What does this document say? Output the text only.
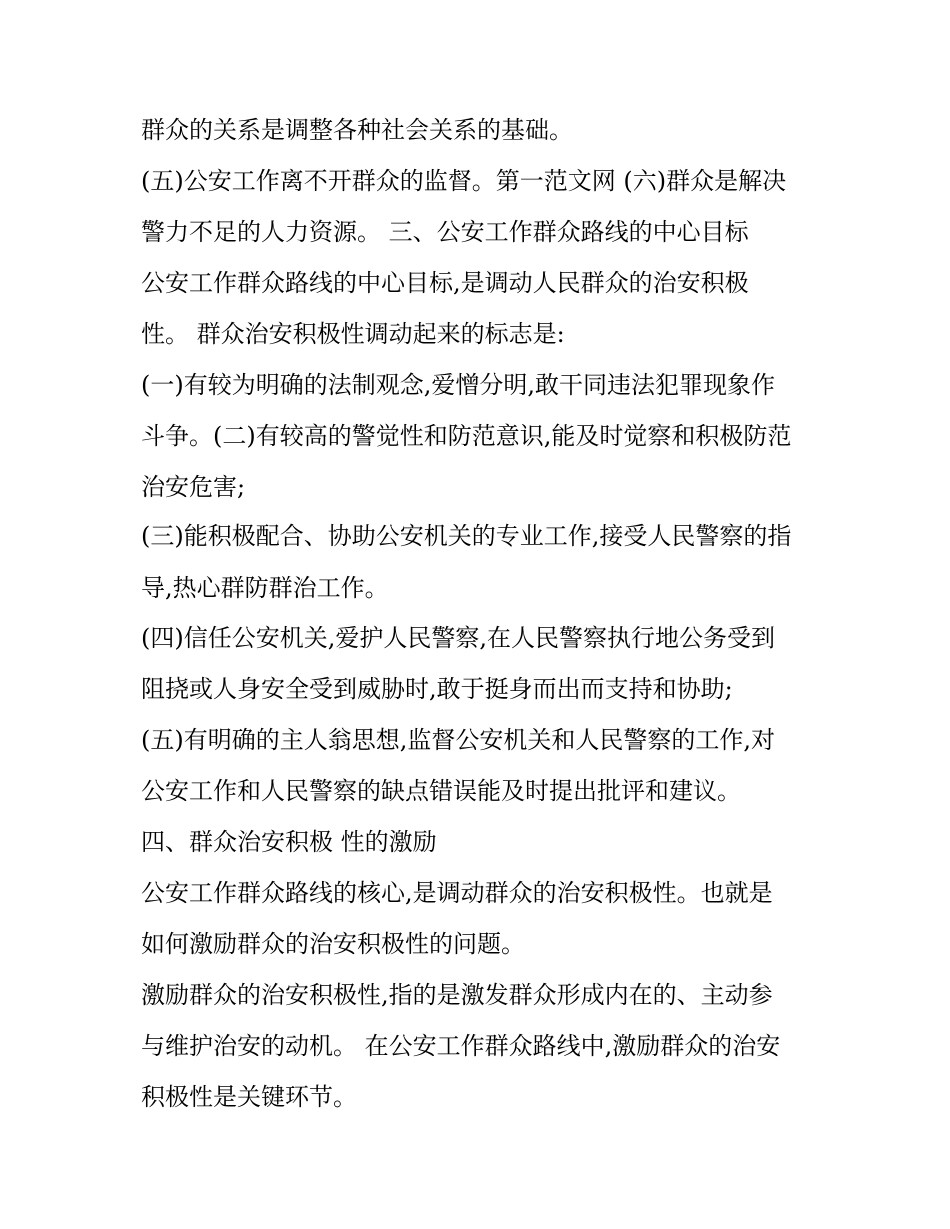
群众的关系是调整各种社会关系的基础。
(五)公安工作离不开群众的监督。第一范文网 (六)群众是解决
警力不足的人力资源。 三、公安工作群众路线的中心目标
公安工作群众路线的中心目标,是调动人民群众的治安积极
性。 群众治安积极性调动起来的标志是:
(一)有较为明确的法制观念,爱憎分明,敢干同违法犯罪现象作
斗争。(二)有较高的警觉性和防范意识,能及时觉察和积极防范
治安危害;
(三)能积极配合、协助公安机关的专业工作,接受人民警察的指
导,热心群防群治工作。
(四)信任公安机关,爱护人民警察,在人民警察执行地公务受到
阻挠或人身安全受到威胁时,敢于挺身而出而支持和协助;
(五)有明确的主人翁思想,监督公安机关和人民警察的工作,对
公安工作和人民警察的缺点错误能及时提出批评和建议。
四、群众治安积极 性的激励
公安工作群众路线的核心,是调动群众的治安积极性。也就是
如何激励群众的治安积极性的问题。
激励群众的治安积极性,指的是激发群众形成内在的、主动参
与维护治安的动机。 在公安工作群众路线中,激励群众的治安
积极性是关键环节。
